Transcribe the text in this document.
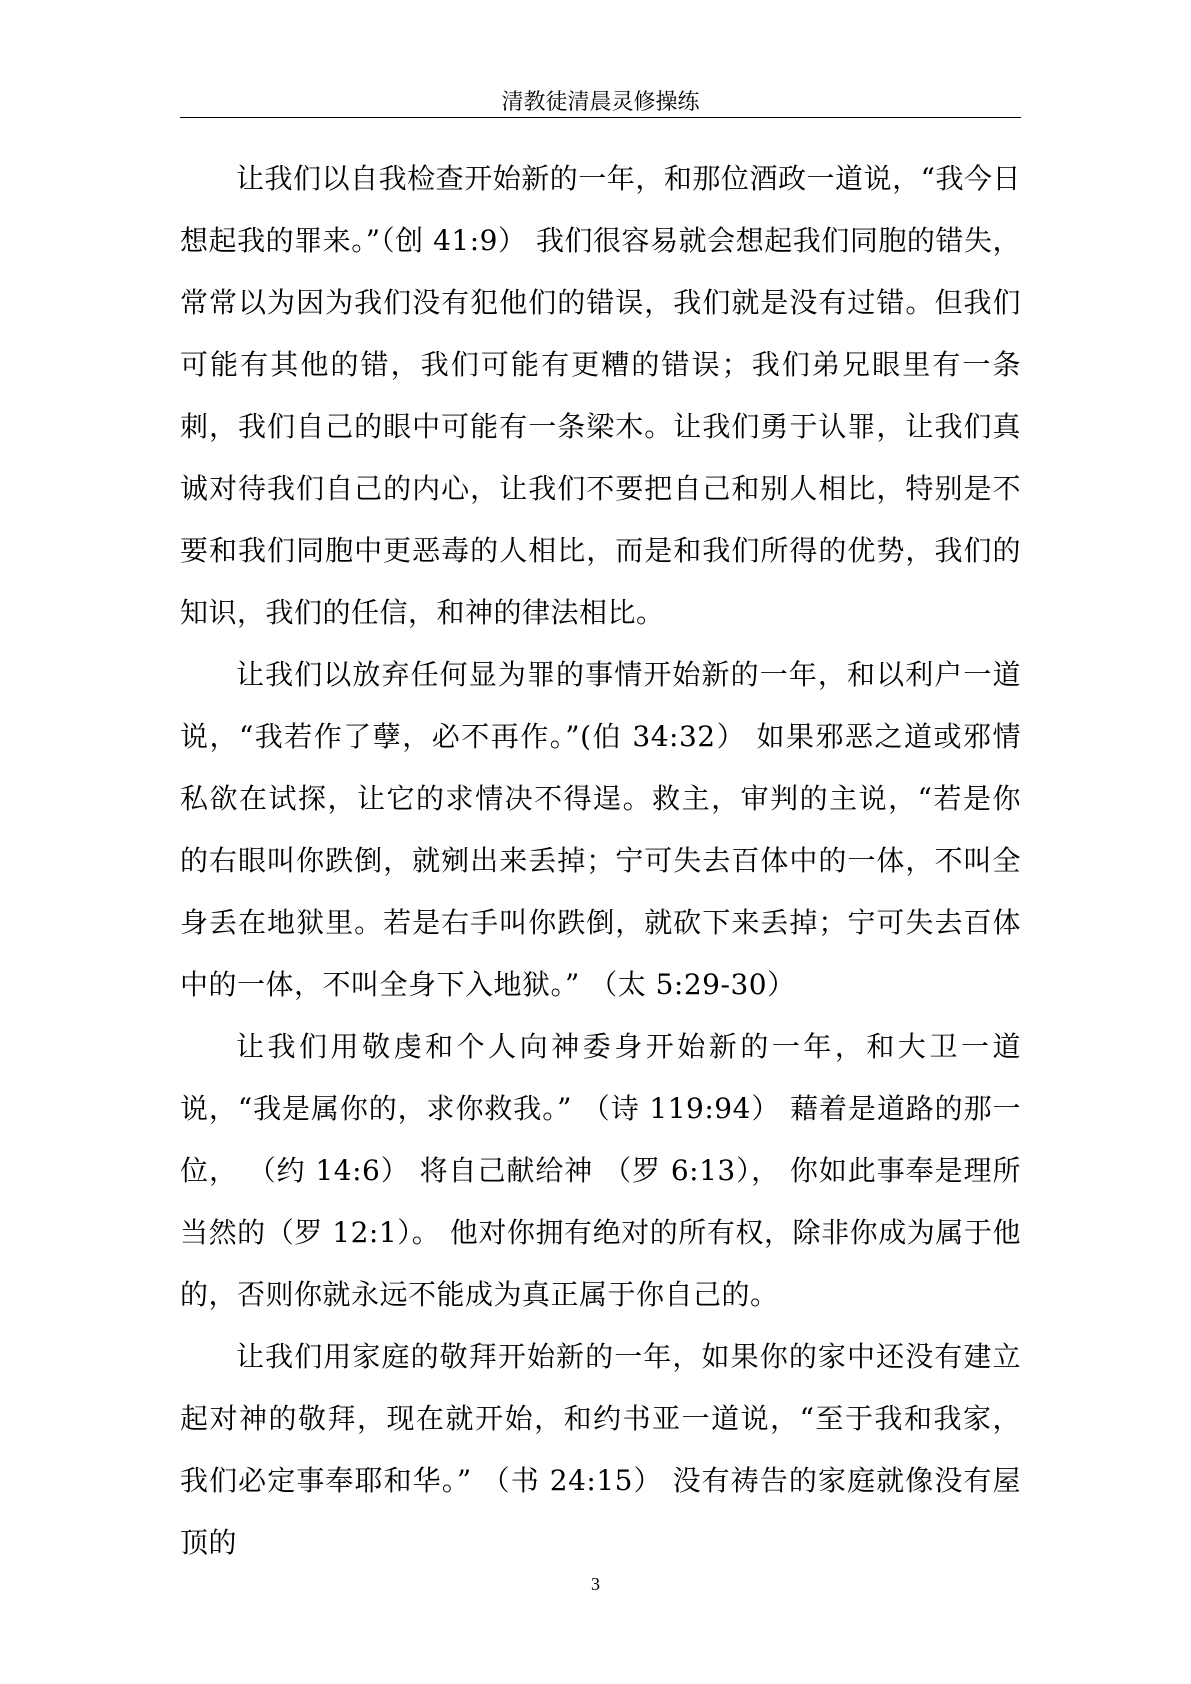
清教徒清晨灵修操练

让我们以自我检查开始新的一年，和那位酒政一道说，“我今日想起我的罪来。”（创 41:9） 我们很容易就会想起我们同胞的错失，常常以为因为我们没有犯他们的错误，我们就是没有过错。但我们可能有其他的错，我们可能有更糟的错误；我们弟兄眼里有一条刺，我们自己的眼中可能有一条梁木。让我们勇于认罪，让我们真诚对待我们自己的内心，让我们不要把自己和别人相比，特别是不要和我们同胞中更恶毒的人相比，而是和我们所得的优势，我们的知识，我们的任信，和神的律法相比。

让我们以放弃任何显为罪的事情开始新的一年，和以利户一道说，“我若作了孽，必不再作。”(伯 34:32） 如果邪恶之道或邪情私欲在试探，让它的求情决不得逞。救主，审判的主说，“若是你的右眼叫你跌倒，就剜出来丢掉；宁可失去百体中的一体，不叫全身丢在地狱里。若是右手叫你跌倒，就砍下来丢掉；宁可失去百体中的一体，不叫全身下入地狱。” （太 5:29-30）

让我们用敬虔和个人向神委身开始新的一年，和大卫一道说，“我是属你的，求你救我。” （诗 119:94） 藉着是道路的那一位， （约 14:6） 将自己献给神 （罗 6:13）， 你如此事奉是理所当然的（罗 12:1）。 他对你拥有绝对的所有权，除非你成为属于他的，否则你就永远不能成为真正属于你自己的。

让我们用家庭的敬拜开始新的一年，如果你的家中还没有建立起对神的敬拜，现在就开始，和约书亚一道说，“至于我和我家，我们必定事奉耶和华。” （书 24:15） 没有祷告的家庭就像没有屋顶的

3
